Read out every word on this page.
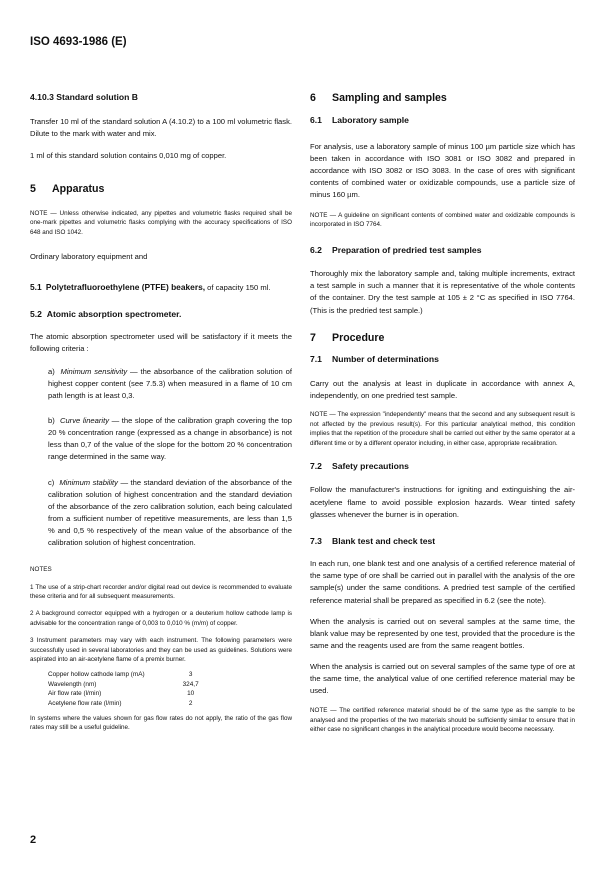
ISO 4693-1986 (E)
4.10.3 Standard solution B

Transfer 10 ml of the standard solution A (4.10.2) to a 100 ml volumetric flask. Dilute to the mark with water and mix.

1 ml of this standard solution contains 0,010 mg of copper.

5 Apparatus

NOTE — Unless otherwise indicated, any pipettes and volumetric flasks required shall be one-mark pipettes and volumetric flasks complying with the accuracy specifications of ISO 648 and ISO 1042.

Ordinary laboratory equipment and

5.1 Polytetrafluoroethylene (PTFE) beakers, of capacity 150 ml.

5.2 Atomic absorption spectrometer.

The atomic absorption spectrometer used will be satisfactory if it meets the following criteria :

a) Minimum sensitivity — the absorbance of the calibration solution of highest copper content (see 7.5.3) when measured in a flame of 10 cm path length is at least 0,3.

b) Curve linearity — the slope of the calibration graph covering the top 20 % concentration range (expressed as a change in absorbance) is not less than 0,7 of the value of the slope for the bottom 20 % concentration range determined in the same way.

c) Minimum stability — the standard deviation of the absorbance of the calibration solution of highest concentration and the standard deviation of the absorbance of the zero calibration solution, each being calculated from a sufficient number of repetitive measurements, are less than 1,5 % and 0,5 % respectively of the mean value of the absorbance of the calibration solution of highest concentration.

NOTES

1 The use of a strip-chart recorder and/or digital read out device is recommended to evaluate these criteria and for all subsequent measurements.

2 A background corrector equipped with a hydrogen or a deuterium hollow cathode lamp is advisable for the concentration range of 0,003 to 0,010 % (m/m) of copper.

3 Instrument parameters may vary with each instrument. The following parameters were successfully used in several laboratories and they can be used as guidelines. Solutions were aspirated into an air-acetylene flame of a premix burner.

Copper hollow cathode lamp (mA)	3
Wavelength (nm)	324,7
Air flow rate (l/min)	10
Acetylene flow rate (l/min)	2

In systems where the values shown for gas flow rates do not apply, the ratio of the gas flow rates may still be a useful guideline.

6 Sampling and samples
6.1 Laboratory sample

For analysis, use a laboratory sample of minus 100 µm particle size which has been taken in accordance with ISO 3081 or ISO 3082 and prepared in accordance with ISO 3082 or ISO 3083. In the case of ores with significant contents of combined water or oxidizable compounds, use a particle size of minus 160 µm.

NOTE — A guideline on significant contents of combined water and oxidizable compounds is incorporated in ISO 7764.

6.2 Preparation of predried test samples

Thoroughly mix the laboratory sample and, taking multiple increments, extract a test sample in such a manner that it is representative of the whole contents of the container. Dry the test sample at 105 ± 2 °C as specified in ISO 7764. (This is the predried test sample.)

7 Procedure
7.1 Number of determinations

Carry out the analysis at least in duplicate in accordance with annex A, independently, on one predried test sample.

NOTE — The expression "independently" means that the second and any subsequent result is not affected by the previous result(s). For this particular analytical method, this condition implies that the repetition of the procedure shall be carried out either by the same operator at a different time or by a different operator including, in either case, appropriate recalibration.

7.2 Safety precautions

Follow the manufacturer's instructions for igniting and extinguishing the air-acetylene flame to avoid possible explosion hazards. Wear tinted safety glasses whenever the burner is in operation.

7.3 Blank test and check test

In each run, one blank test and one analysis of a certified reference material of the same type of ore shall be carried out in parallel with the analysis of the ore sample(s) under the same conditions. A predried test sample of the certified reference material shall be prepared as specified in 6.2 (see the note).

When the analysis is carried out on several samples at the same time, the blank value may be represented by one test, provided that the procedure is the same and the reagents used are from the same reagent bottles.

When the analysis is carried out on several samples of the same type of ore at the same time, the analytical value of one certified reference material may be used.

NOTE — The certified reference material should be of the same type as the sample to be analysed and the properties of the two materials should be sufficiently similar to ensure that in either case no significant changes in the analytical procedure would become necessary.

2
